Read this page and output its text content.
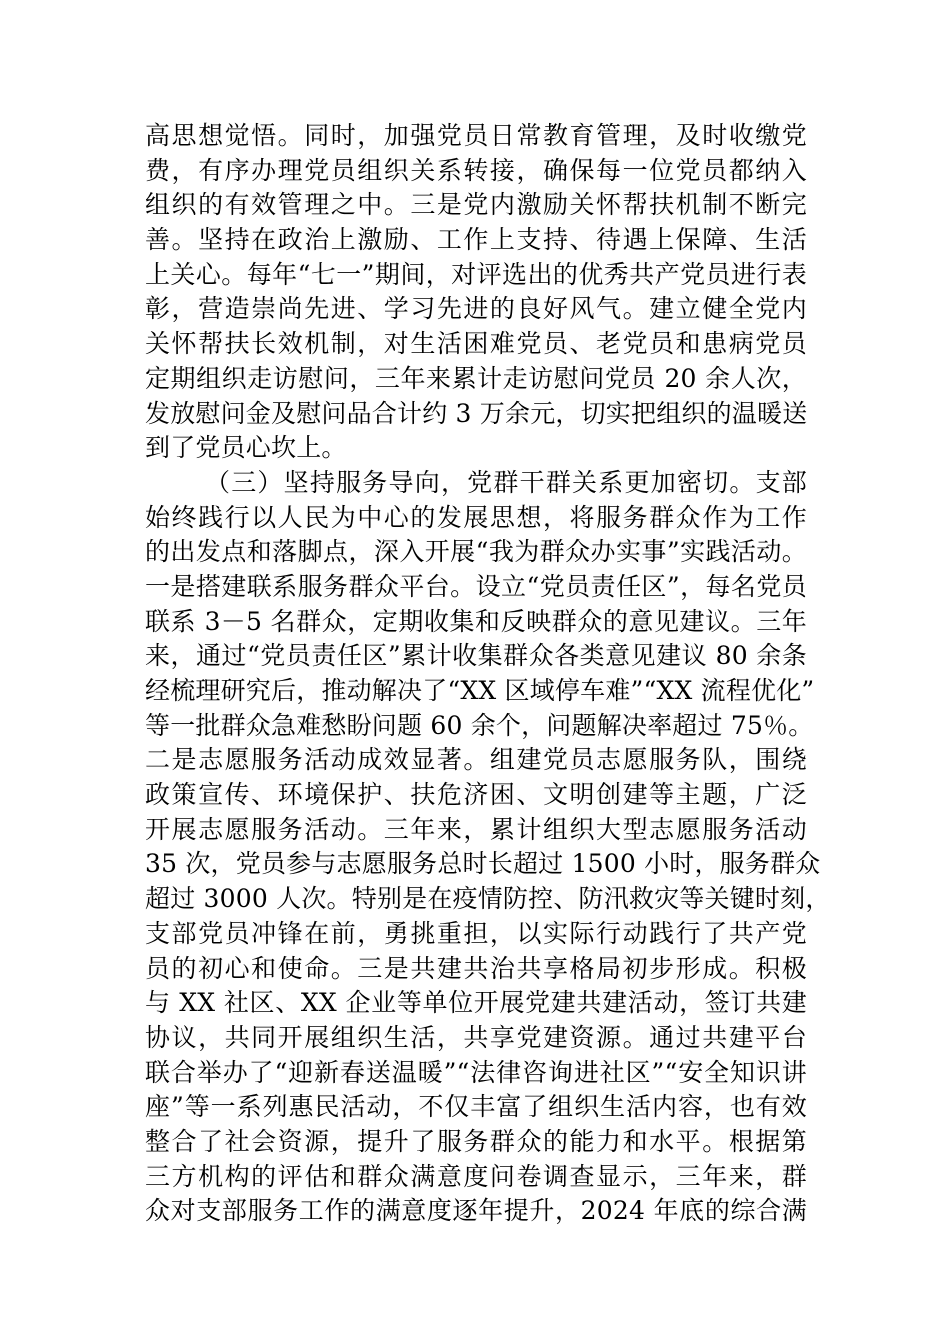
高思想觉悟。同时，加强党员日常教育管理，及时收缴党
费，有序办理党员组织关系转接，确保每一位党员都纳入
组织的有效管理之中。三是党内激励关怀帮扶机制不断完
善。坚持在政治上激励、工作上支持、待遇上保障、生活
上关心。每年“七一”期间，对评选出的优秀共产党员进行表
彰，营造崇尚先进、学习先进的良好风气。建立健全党内
关怀帮扶长效机制，对生活困难党员、老党员和患病党员
定期组织走访慰问，三年来累计走访慰问党员 20 余人次，
发放慰问金及慰问品合计约 3 万余元，切实把组织的温暖送
到了党员心坎上。
（三）坚持服务导向，党群干群关系更加密切。支部
始终践行以人民为中心的发展思想，将服务群众作为工作
的出发点和落脚点，深入开展“我为群众办实事”实践活动。
一是搭建联系服务群众平台。设立“党员责任区”，每名党员
联系 3－5 名群众，定期收集和反映群众的意见建议。三年
来，通过“党员责任区”累计收集群众各类意见建议 80 余条
经梳理研究后，推动解决了“XX 区域停车难”“XX 流程优化”
等一批群众急难愁盼问题 60 余个，问题解决率超过 75％。
二是志愿服务活动成效显著。组建党员志愿服务队，围绕
政策宣传、环境保护、扶危济困、文明创建等主题，广泛
开展志愿服务活动。三年来，累计组织大型志愿服务活动
35 次，党员参与志愿服务总时长超过 1500 小时，服务群众
超过 3000 人次。特别是在疫情防控、防汛救灾等关键时刻，
支部党员冲锋在前，勇挑重担，以实际行动践行了共产党
员的初心和使命。三是共建共治共享格局初步形成。积极
与 XX 社区、XX 企业等单位开展党建共建活动，签订共建
协议，共同开展组织生活，共享党建资源。通过共建平台
联合举办了“迎新春送温暖”“法律咨询进社区”“安全知识讲
座”等一系列惠民活动，不仅丰富了组织生活内容，也有效
整合了社会资源，提升了服务群众的能力和水平。根据第
三方机构的评估和群众满意度问卷调查显示，三年来，群
众对支部服务工作的满意度逐年提升，2024 年底的综合满
